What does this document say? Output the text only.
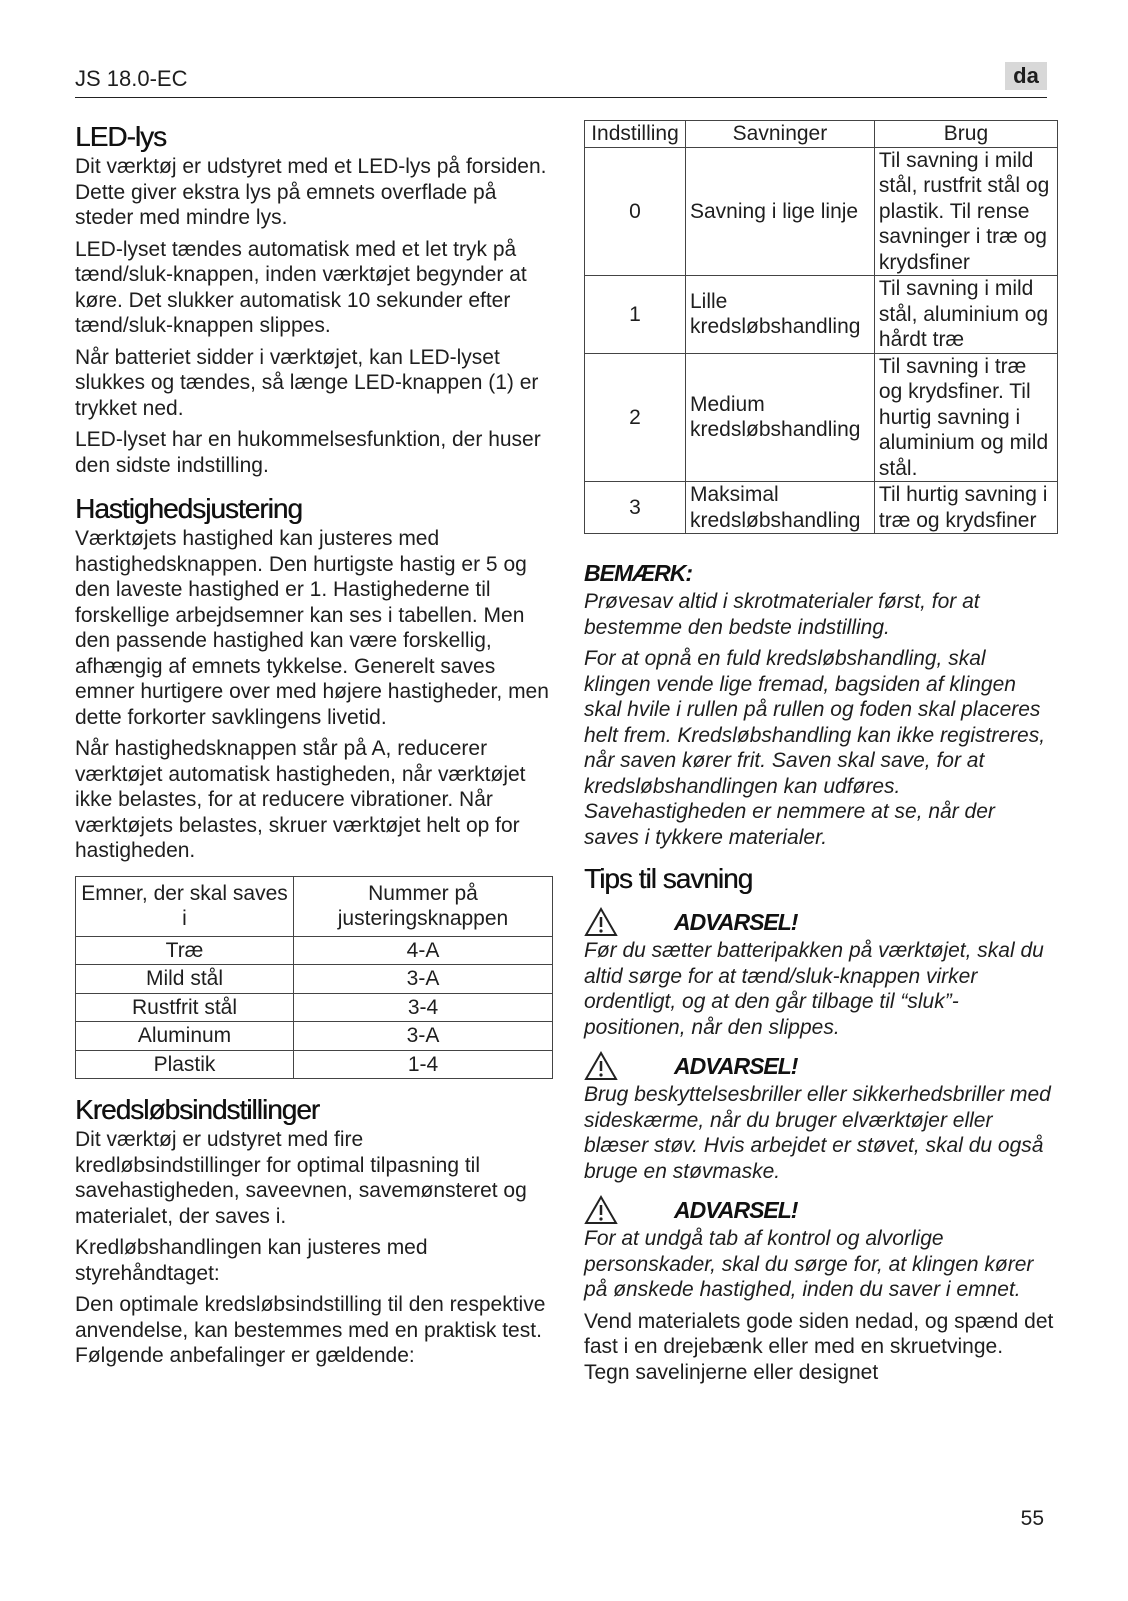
JS 18.0-EC	da
LED-lys

Dit værktøj er udstyret med et LED-lys på forsiden. Dette giver ekstra lys på emnets overflade på steder med mindre lys.

LED-lyset tændes automatisk med et let tryk på tænd/sluk-knappen, inden værktøjet begynder at køre. Det slukker automatisk 10 sekunder efter tænd/sluk-knappen slippes.

Når batteriet sidder i værktøjet, kan LED-lyset slukkes og tændes, så længe LED-knappen (1) er trykket ned.

LED-lyset har en hukommelsesfunktion, der huser den sidste indstilling.

Hastighedsjustering

Værktøjets hastighed kan justeres med hastighedsknappen. Den hurtigste hastig er 5 og den laveste hastighed er 1. Hastighederne til forskellige arbejdsemner kan ses i tabellen. Men den passende hastighed kan være forskellig, afhængig af emnets tykkelse. Generelt saves emner hurtigere over med højere hastigheder, men dette forkorter savklingens livetid.

Når hastighedsknappen står på A, reducerer værktøjet automatisk hastigheden, når værktøjet ikke belastes, for at reducere vibrationer. Når værktøjets belastes, skruer værktøjet helt op for hastigheden.

Emner, der skal saves i	Nummer på justeringsknappen
Træ	4-A
Mild stål	3-A
Rustfrit stål	3-4
Aluminum	3-A
Plastik	1-4
Kredsløbsindstillinger

Dit værktøj er udstyret med fire kredløbsindstillinger for optimal tilpasning til savehastigheden, saveevnen, savemønsteret og materialet, der saves i.

Kredløbshandlingen kan justeres med styrehåndtaget:

Den optimale kredsløbsindstilling til den respektive anvendelse, kan bestemmes med en praktisk test. Følgende anbefalinger er gældende:

Indstilling	Savninger	Brug
0	Savning i lige linje	Til savning i mild stål, rustfrit stål og plastik. Til rense savninger i træ og krydsfiner
1	Lille kredsløbshandling	Til savning i mild stål, aluminium og hårdt træ
2	Medium kredsløbshandling	Til savning i træ og krydsfiner. Til hurtig savning i aluminium og mild stål.
3	Maksimal kredsløbshandling	Til hurtig savning i træ og krydsfiner
BEMÆRK:

Prøvesav altid i skrotmaterialer først, for at bestemme den bedste indstilling.

For at opnå en fuld kredsløbshandling, skal klingen vende lige fremad, bagsiden af klingen skal hvile i rullen på rullen og foden skal placeres helt frem. Kredsløbshandling kan ikke registreres, når saven kører frit. Saven skal save, for at kredsløbshandlingen kan udføres. Savehastigheden er nemmere at se, når der saves i tykkere materialer.

Tips til savning
ADVARSEL!

Før du sætter batteripakken på værktøjet, skal du altid sørge for at tænd/sluk-knappen virker ordentligt, og at den går tilbage til “sluk”-positionen, når den slippes.

ADVARSEL!

Brug beskyttelsesbriller eller sikkerhedsbriller med sideskærme, når du bruger elværktøjer eller blæser støv. Hvis arbejdet er støvet, skal du også bruge en støvmaske.

ADVARSEL!

For at undgå tab af kontrol og alvorlige personskader, skal du sørge for, at klingen kører på ønskede hastighed, inden du saver i emnet.

Vend materialets gode siden nedad, og spænd det fast i en drejebænk eller med en skruetvinge. Tegn savelinjerne eller designet

55
